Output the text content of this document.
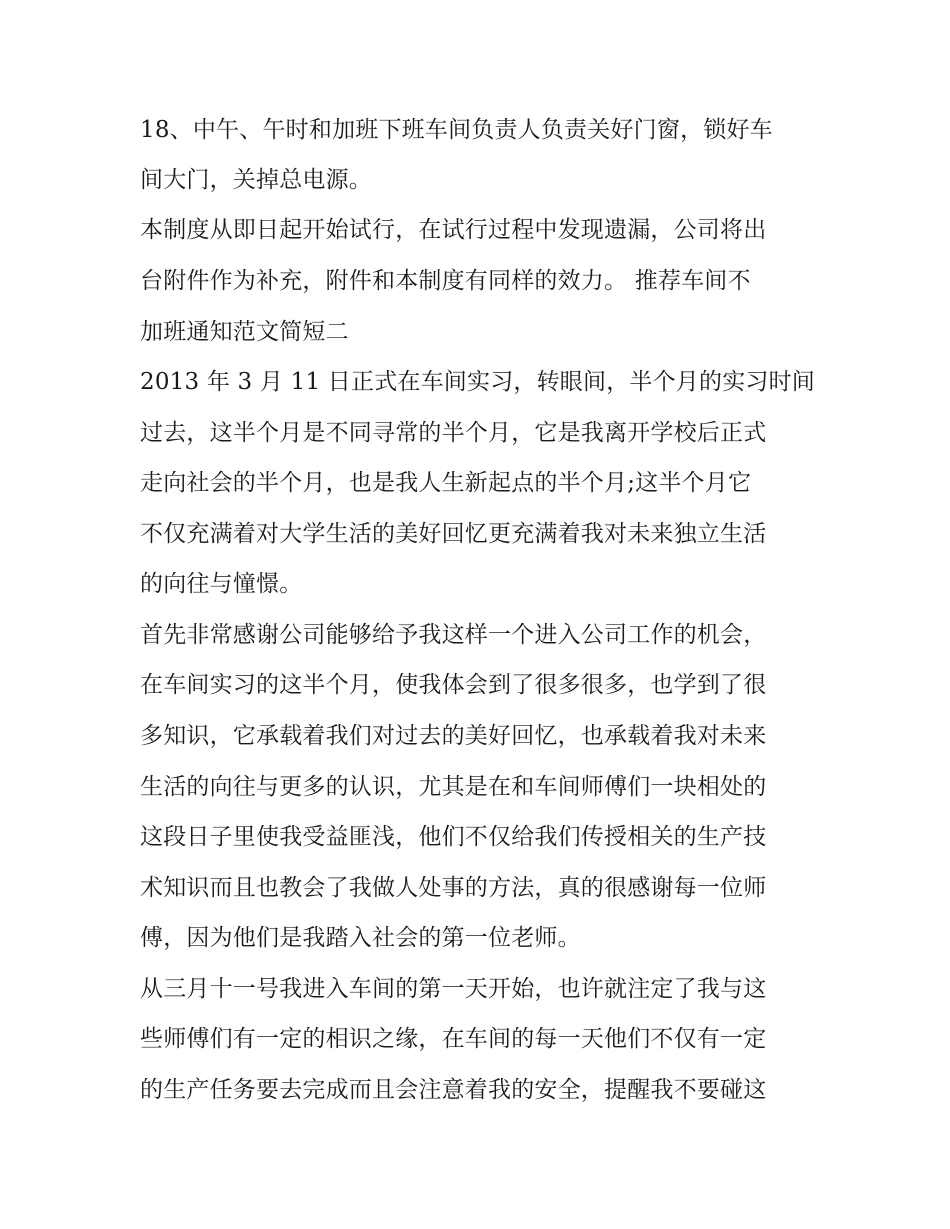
18、中午、午时和加班下班车间负责人负责关好门窗，锁好车
间大门，关掉总电源。
本制度从即日起开始试行，在试行过程中发现遗漏，公司将出
台附件作为补充，附件和本制度有同样的效力。 推荐车间不
加班通知范文简短二
2013 年 3 月 11 日正式在车间实习，转眼间，半个月的实习时间
过去，这半个月是不同寻常的半个月，它是我离开学校后正式
走向社会的半个月，也是我人生新起点的半个月;这半个月它
不仅充满着对大学生活的美好回忆更充满着我对未来独立生活
的向往与憧憬。
首先非常感谢公司能够给予我这样一个进入公司工作的机会，
在车间实习的这半个月，使我体会到了很多很多，也学到了很
多知识，它承载着我们对过去的美好回忆，也承载着我对未来
生活的向往与更多的认识，尤其是在和车间师傅们一块相处的
这段日子里使我受益匪浅，他们不仅给我们传授相关的生产技
术知识而且也教会了我做人处事的方法，真的很感谢每一位师
傅，因为他们是我踏入社会的第一位老师。
从三月十一号我进入车间的第一天开始，也许就注定了我与这
些师傅们有一定的相识之缘，在车间的每一天他们不仅有一定
的生产任务要去完成而且会注意着我的安全，提醒我不要碰这
